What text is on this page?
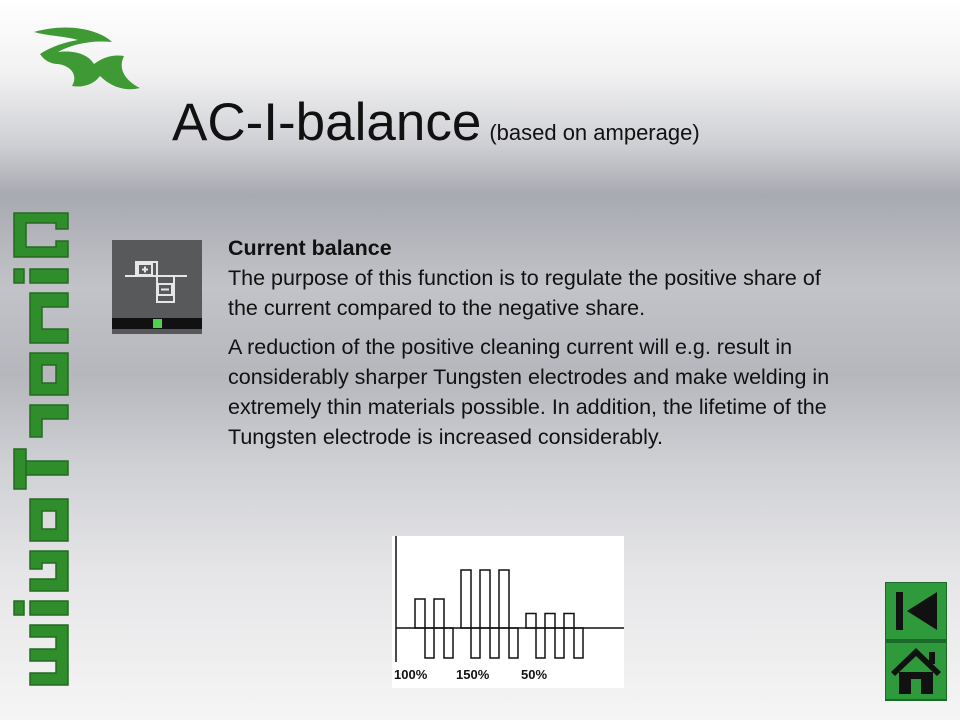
AC-I-balance (based on amperage)
Current balance

The purpose of this function is to regulate the positive share of the current compared to the negative share.

A reduction of the positive cleaning current will e.g. result in considerably sharper Tungsten electrodes and make welding in extremely thin materials possible. In addition, the lifetime of the Tungsten electrode is increased considerably.

100% 150% 50%
